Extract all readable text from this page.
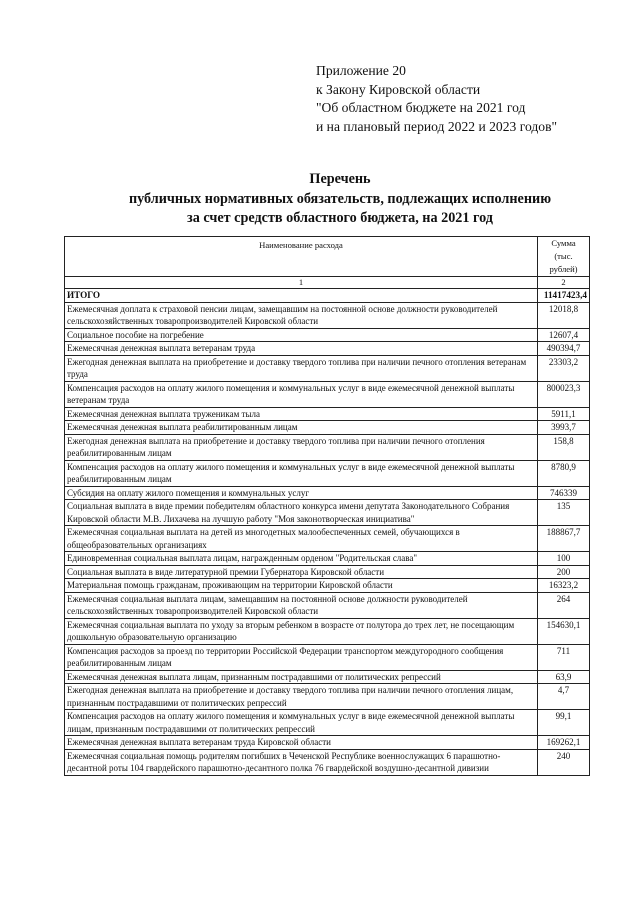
Приложение 20
к Закону Кировской области
"Об областном бюджете на 2021 год
и на плановый период 2022 и 2023 годов"
Перечень
публичных нормативных обязательств, подлежащих исполнению
за счет средств областного бюджета, на 2021 год
Наименование расхода	Сумма
(тыс. рублей)

1	2
ИТОГО	11417423,4
Ежемесячная доплата к страховой пенсии лицам, замещавшим на постоянной основе должности руководителей сельскохозяйственных товаропроизводителей Кировской области	12018,8
Социальное пособие на погребение	12607,4
Ежемесячная денежная выплата ветеранам труда	490394,7
Ежегодная денежная выплата на приобретение и доставку твердого топлива при наличии печного отопления ветеранам труда	23303,2
Компенсация расходов на оплату жилого помещения и коммунальных услуг в виде ежемесячной денежной выплаты ветеранам труда	800023,3
Ежемесячная денежная выплата труженикам тыла	5911,1
Ежемесячная денежная выплата реабилитированным лицам	3993,7
Ежегодная денежная выплата на приобретение и доставку твердого топлива при наличии печного отопления реабилитированным лицам	158,8
Компенсация расходов на оплату жилого помещения и коммунальных услуг в виде ежемесячной денежной выплаты реабилитированным лицам	8780,9
Субсидия на оплату жилого помещения и коммунальных услуг	746339
Социальная выплата в виде премии победителям областного конкурса имени депутата Законодательного Собрания Кировской области М.В. Лихачева на лучшую работу "Моя законотворческая инициатива"	135
Ежемесячная социальная выплата на детей из многодетных малообеспеченных семей, обучающихся в общеобразовательных организациях	188867,7
Единовременная социальная выплата лицам, награжденным орденом "Родительская слава"	100
Социальная выплата в виде литературной премии Губернатора Кировской области	200
Материальная помощь гражданам, проживающим на территории Кировской области	16323,2
Ежемесячная социальная выплата лицам, замещавшим на постоянной основе должности руководителей сельскохозяйственных товаропроизводителей Кировской области	264
Ежемесячная социальная выплата по уходу за вторым ребенком в возрасте от полутора до трех лет, не посещающим дошкольную образовательную организацию	154630,1
Компенсация расходов за проезд по территории Российской Федерации транспортом междугородного сообщения реабилитированным лицам	711
Ежемесячная денежная выплата лицам, признанным пострадавшими от политических репрессий	63,9
Ежегодная денежная выплата на приобретение и доставку твердого топлива при наличии печного отопления лицам, признанным пострадавшими от политических репрессий	4,7
Компенсация расходов на оплату жилого помещения и коммунальных услуг в виде ежемесячной денежной выплаты лицам, признанным пострадавшими от политических репрессий	99,1
Ежемесячная денежная выплата ветеранам труда Кировской области	169262,1
Ежемесячная социальная помощь родителям погибших в Чеченской Республике военнослужащих 6 парашютно-десантной роты 104 гвардейского парашютно-десантного полка 76 гвардейской воздушно-десантной дивизии	240
